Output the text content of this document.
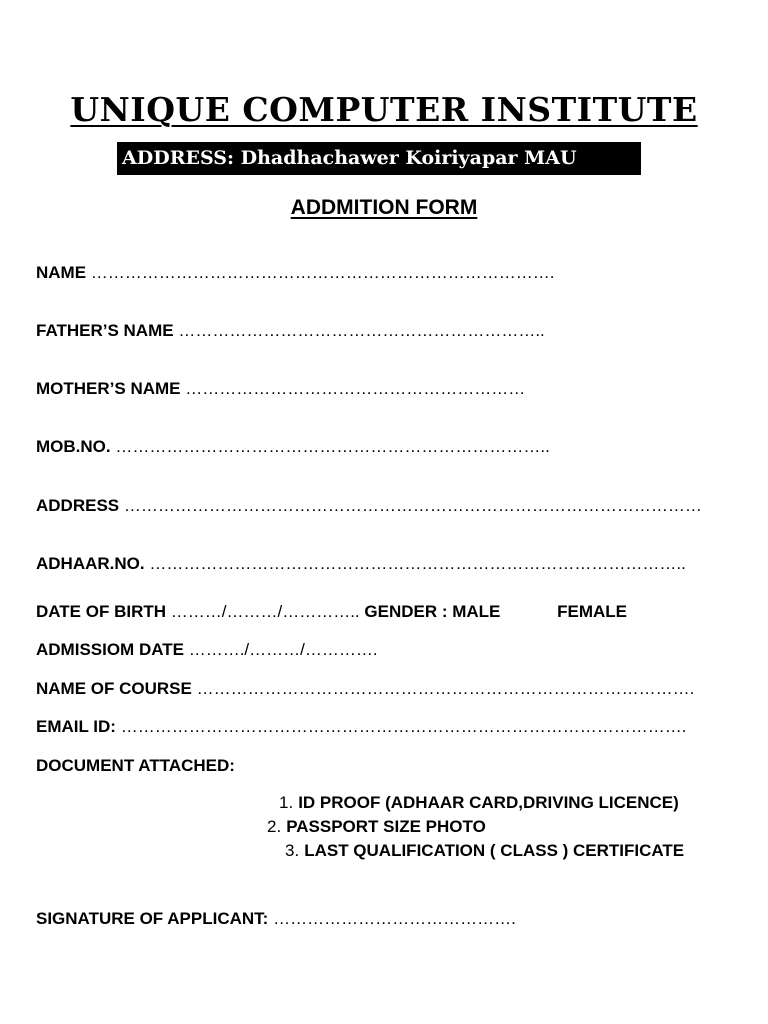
UNIQUE COMPUTER INSTITUTE
ADDRESS: Dhadhachawer Koiriyapar MAU
ADDMITION FORM
NAME ……………………………………………………………………….
FATHER’S NAME ………………………………………………………..
MOTHER’S NAME ……………………………………………………
MOB.NO. …………………………………………………………………..
ADDRESS …………………………………………………………………………………………
ADHAAR.NO. …………………………………………………………………………………..
DATE OF BIRTH ………/………/………….. GENDER : MALE	FEMALE
ADMISSIOM DATE ………./………/………….
NAME OF COURSE …………………………………………………………………………….
EMAIL ID: ……………………………………………………………………………………….
DOCUMENT ATTACHED:
1. ID PROOF (ADHAAR CARD,DRIVING LICENCE)
2. PASSPORT SIZE PHOTO
3. LAST QUALIFICATION ( CLASS ) CERTIFICATE
SIGNATURE OF APPLICANT: …………………………………….
